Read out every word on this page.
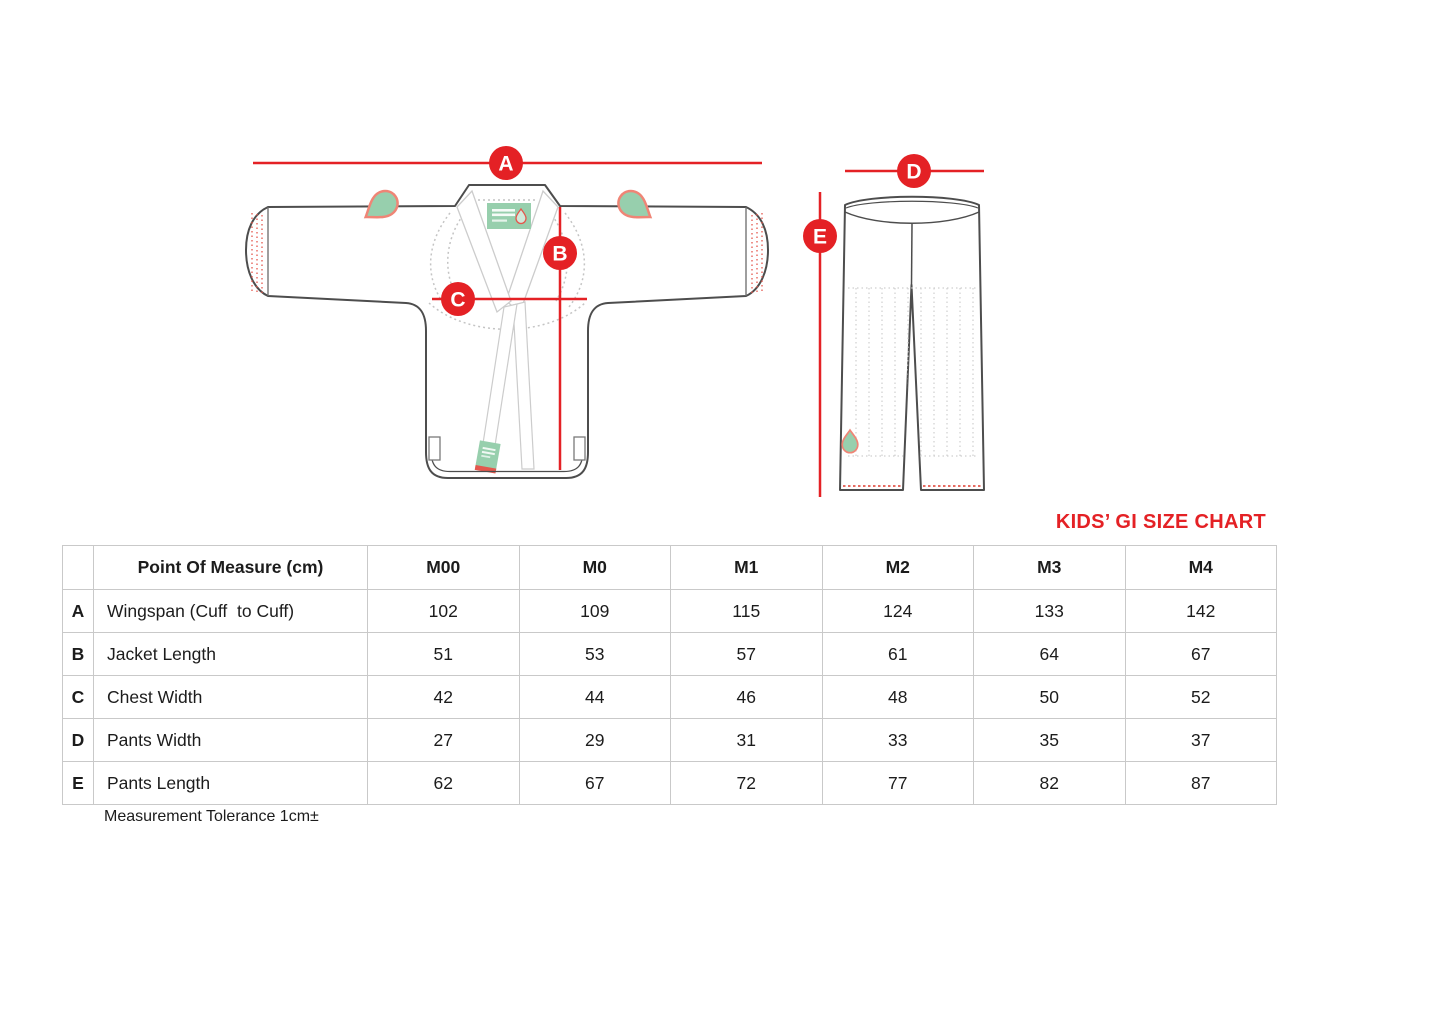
A
B
C
D
E
KIDS’ GI SIZE CHART
	Point Of Measure (cm)	M00	M0	M1	M2	M3	M4
A	Wingspan (Cuff  to Cuff)	102	109	115	124	133	142
B	Jacket Length	51	53	57	61	64	67
C	Chest Width	42	44	46	48	50	52
D	Pants Width	27	29	31	33	35	37
E	Pants Length	62	67	72	77	82	87
Measurement Tolerance 1cm±
